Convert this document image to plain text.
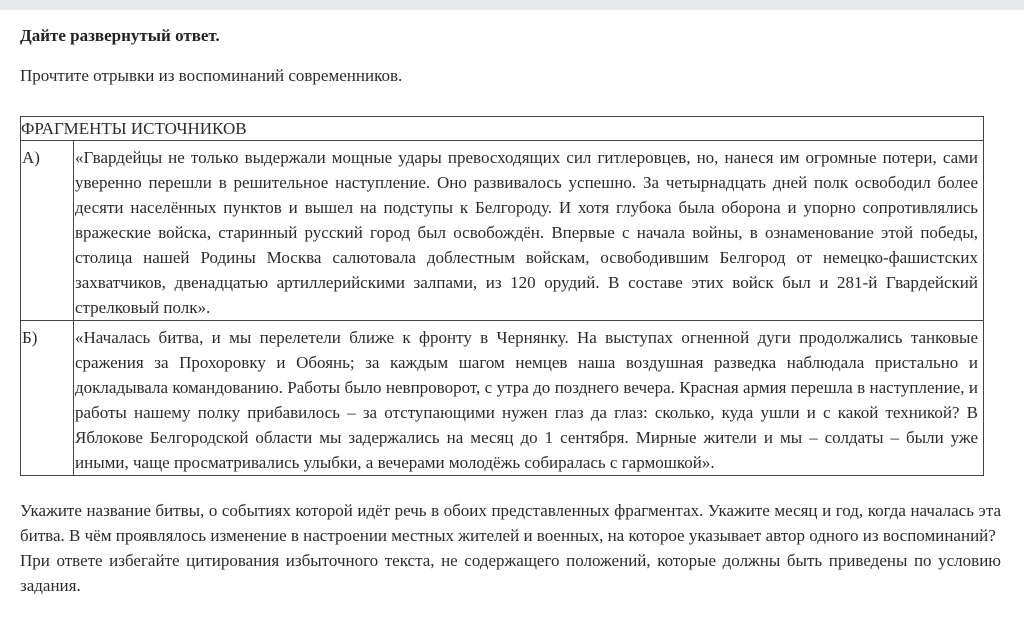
Дайте развернутый ответ.
Прочтите отрывки из воспоминаний современников.
ФРАГМЕНТЫ ИСТОЧНИКОВ	
А)	«Гвардейцы не только выдержали мощные удары превосходящих сил гитлеровцев, но, нанеся им огромные потери, сами уверенно перешли в решительное наступление. Оно развивалось успешно. За четырнадцать дней полк освободил более десяти населённых пунктов и вышел на подступы к Белгороду. И хотя глубока была оборона и упорно сопротивлялись вражеские войска, старинный русский город был освобождён. Впервые с начала войны, в ознаменование этой победы, столица нашей Родины Москва салютовала доблестным войскам, освободившим Белгород от немецко-фашистских захватчиков, двенадцатью артиллерийскими залпами, из 120 орудий. В составе этих войск был и 281-й Гвардейский стрелковый полк».
Б)	«Началась битва, и мы перелетели ближе к фронту в Чернянку. На выступах огненной дуги продолжались танковые сражения за Прохоровку и Обоянь; за каждым шагом немцев наша воздушная разведка наблюдала пристально и докладывала командованию. Работы было невпроворот, с утра до позднего вечера. Красная армия перешла в наступление, и работы нашему полку прибавилось – за отступающими нужен глаз да глаз: сколько, куда ушли и с какой техникой? В Яблокове Белгородской области мы задержались на месяц до 1 сентября. Мирные жители и мы – солдаты – были уже иными, чаще просматривались улыбки, а вечерами молодёжь собиралась с гармошкой».
Укажите название битвы, о событиях которой идёт речь в обоих представленных фрагментах. Укажите месяц и год, когда началась эта битва. В чём проявлялось изменение в настроении местных жителей и военных, на которое указывает автор одного из воспоминаний?
При ответе избегайте цитирования избыточного текста, не содержащего положений, которые должны быть приведены по условию задания.
